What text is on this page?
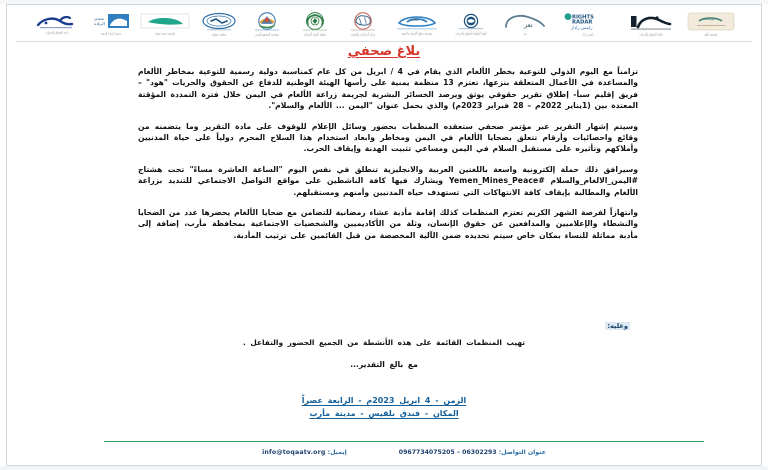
راصد للحقوق والحريات
منتدى
الريادة
منتدى الريادة للتنمية	مؤسسة يمنية تنموية	منظمة حقوقية	مؤسسة المجتمع المدني	منظمة التنمية الإنسانية	مركز الدراسات والبحوث
HRD
مؤسسة حقوق الإنسان والتنمية	الهيئة الوطنية للحقوق والحريات
تعز
تعز
RIGHTS
RADAR
رايتس رادار
رايتس رادار	شاهد للحقوق والحريات
مؤسسة
مؤسسة أهلية
بلاغ صحفي

تزامناً مع اليوم الدولي للتوعية بخطر الألغام الذي يقام في 4 / ابريل من كل عام كمناسبة دولية رسمية للتوعية بمخاطر الألغام والمساعدة في الأعمال المتعلقة بنزعها، تعتزم 13 منظمة يمنية على رأسها الهيئة الوطنية للدفاع عن الحقوق والحريات "هود" – فريق إقليم سبأ- إطلاق تقرير حقوقي يوثق ويرصد الخسائر البشرية لجريمة زراعة الألغام في اليمن خلال فترة التمددة المؤقتة المعتدة بين (1يناير 2022م – 28 فبراير 2023م) والذي يحمل عنوان "اليمن ... الألغام والسلام".

وسيتم إشهار التقرير عبر مؤتمر صحفي ستعقده المنظمات بحضور وسائل الإعلام للوقوف على مادة التقرير وما يتضمنه من وقائع واحصائيات وأرقام تتعلق بضحايا الألغام في اليمن ومخاطر وابعاد استخدام هذا السلاح المحرم دولياً على حياة المدنيين وأملاكهم وتأثيره على مستقبل السلام في اليمن ومساعي تثبيت الهدنة وإيقاف الحرب.

وسيرافق ذلك حملة إلكترونية واسعة باللغتين العربية والانجليزية تنطلق في نفس اليوم "الساعة العاشرة مساءً" تحت هشتاج #اليمن_الالغام_والسلام #Yemen_Mines_Peace ويشارك فيها كافة الناشطين على مواقع التواصل الاجتماعي للتنديد بزراعة الألغام والمطالبة بإيقاف كافة الانتهاكات التي تستهدف حياة المدنيين وأمنهم ومستقبلهم.

وانتهازاً لفرصة الشهر الكريم تعتزم المنظمات كذلك إقامة مأدبة عشاء رمضانية للتضامن مع ضحايا الألغام يحضرها عدد من الضحايا والنشطاء والإعلاميين والمدافعين عن حقوق الإنسان، وثلة من الأكاديميين والشخصيات الاجتماعية بمحافظة مأرب، إضافة إلى مأدبة مماثلة للنساء بمكان خاص سيتم تحديده ضمن الآلية المخصصة من قبل القائمين على ترتيب المأدبة.

وعليه:
تهيب المنظمات القائمة على هذه الأنشطة من الجميع الحضور والتفاعل .
مع بالغ التقدير...
الزمن - 4 ابريل 2023م - الرابعة عصراً
المكان - فندق بلقيس - مدينة مأرب
عنوان التواصل: 0967734075205 – 06302293
إيميل: info@toqaatv.org
